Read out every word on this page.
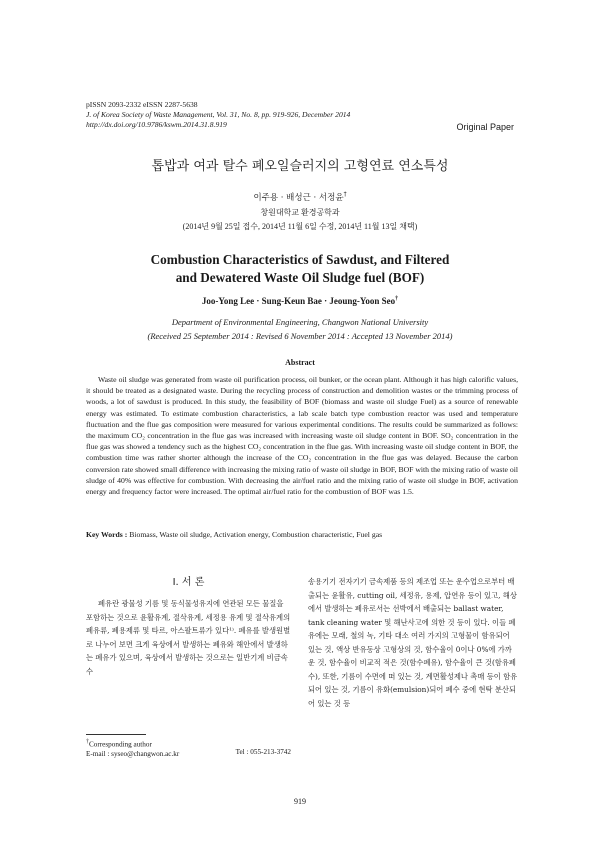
pISSN 2093-2332 eISSN 2287-5638
J. of Korea Society of Waste Management, Vol. 31, No. 8, pp. 919-926, December 2014
http://dx.doi.org/10.9786/kswm.2014.31.8.919	Original Paper
톱밥과 여과 탈수 폐오일슬러지의 고형연료 연소특성
이주용 · 배성근 · 서정윤†
창원대학교 환경공학과
(2014년 9월 25일 접수, 2014년 11월 6일 수정, 2014년 11월 13일 채택)
Combustion Characteristics of Sawdust, and Filtered
and Dewatered Waste Oil Sludge fuel (BOF)
Joo-Yong Lee · Sung-Keun Bae · Jeoung-Yoon Seo†
Department of Environmental Engineering, Changwon National University
(Received 25 September 2014 : Revised 6 November 2014 : Accepted 13 November 2014)
Abstract

Waste oil sludge was generated from waste oil purification process, oil bunker, or the ocean plant. Although it has high calorific values, it should be treated as a designated waste. During the recycling process of construction and demolition wastes or the trimming process of woods, a lot of sawdust is produced. In this study, the feasibility of BOF (biomass and waste oil sludge Fuel) as a source of renewable energy was estimated. To estimate combustion characteristics, a lab scale batch type combustion reactor was used and temperature fluctuation and the flue gas composition were measured for various experimental conditions. The results could be summarized as follows: the maximum CO₂ concentration in the flue gas was increased with increasing waste oil sludge content in BOF. SO₂ concentration in the flue gas was showed a tendency such as the highest CO₂ concentration in the flue gas. With increasing waste oil sludge content in BOF, the combustion time was rather shorter although the increase of the CO₂ concentration in the flue gas was delayed. Because the carbon conversion rate showed small difference with increasing the mixing ratio of waste oil sludge in BOF, BOF with the mixing ratio of waste oil sludge of 40% was effective for combustion. With decreasing the air/fuel ratio and the mixing ratio of waste oil sludge in BOF, activation energy and frequency factor were increased. The optimal air/fuel ratio for the combustion of BOF was 1.5.

Key Words : Biomass, Waste oil sludge, Activation energy, Combustion characteristic, Fuel gas
I. 서 론

폐유란 광물성 기름 및 동식물성유지에 연관된 모든 물질을 포함하는 것으로 윤활유계, 절삭유계, 세정용 유계 및 절삭유계의 폐유류, 폐용제류 및 타르, 아스팔트류가 있다¹⁾. 폐유를 발생원별로 나누어 보면 크게 육상에서 발생하는 폐유와 해안에서 발생하는 폐유가 있으며, 육상에서 발생하는 것으로는 일반기계 비금속 수

송용기기 전자기기 금속제품 등의 제조업 또는 운수업으로부터 배출되는 윤활유, cutting oil, 세정유, 용제, 압연유 등이 있고, 해상에서 발생하는 폐유로서는 선박에서 배출되는 ballast water, tank cleaning water 및 해난사고에 의한 것 등이 있다. 이들 폐유에는 모래, 철의 녹, 기타 대소 여러 가지의 고형물이 함유되어 있는 것, 액상 반유동상 고형상의 것, 함수율이 0이나 0%에 가까운 것, 함수율이 비교적 적은 것(함수폐유), 함수율이 큰 것(함유폐수), 또한, 기름이 수면에 떠 있는 것, 계면활성제나 촉매 등이 함유되어 있는 것, 기름이 유화(emulsion)되어 폐수 중에 현탁 분산되어 있는 것 등

†Corresponding author
E-mail : syseo@changwon.ac.kr	Tel : 055-213-3742
919
